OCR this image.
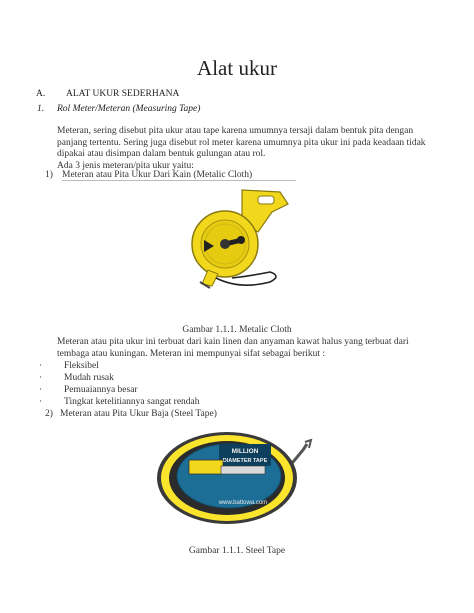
Alat ukur
A. ALAT UKUR SEDERHANA
1. Rol Meter/Meteran (Measuring Tape)
Meteran, sering disebut pita ukur atau tape karena umumnya tersaji dalam bentuk pita dengan
panjang tertentu. Sering juga disebut rol meter karena umumnya pita ukur ini pada keadaan tidak
dipakai atau disimpan dalam bentuk gulungan atau rol.
Ada 3 jenis meteran/pita ukur yaitu:
1) Meteran atau Pita Ukur Dari Kain (Metalic Cloth)
Gambar 1.1.1. Metalic Cloth
Meteran atau pita ukur ini terbuat dari kain linen dan anyaman kawat halus yang terbuat dari
tembaga atau kuningan. Meteran ini mempunyai sifat sebagai berikut :
· Fleksibel
· Mudah rusak
· Pemuaiannya besar
· Tingkat ketelitiannya sangat rendah
2) Meteran atau Pita Ukur Baja (Steel Tape)
MILLION
DIAMETER TAPE
www.battowa.com
Gambar 1.1.1. Steel Tape
